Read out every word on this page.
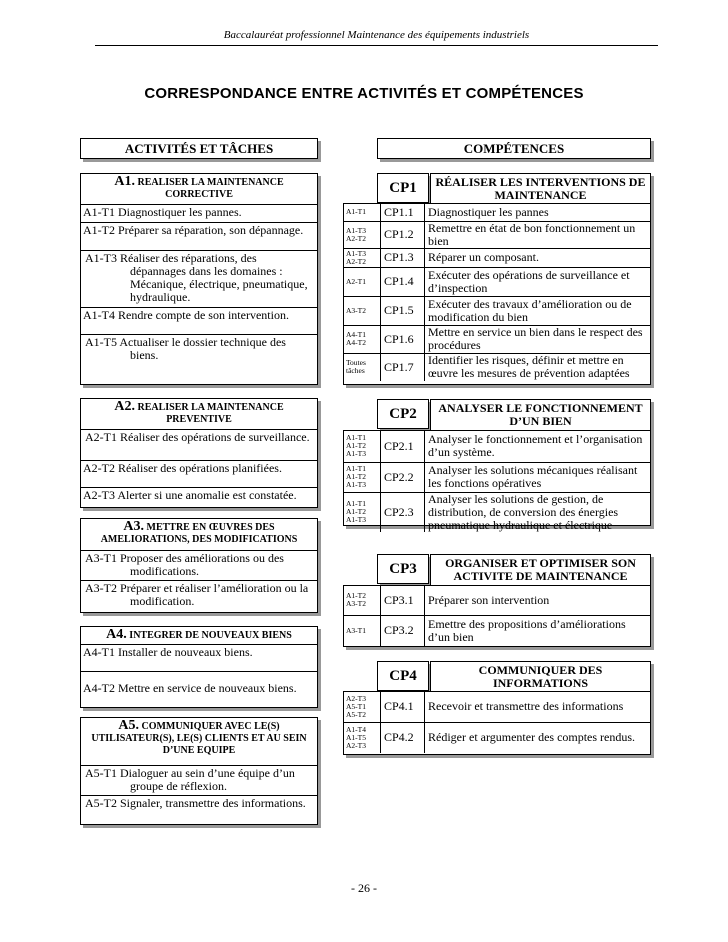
Baccalauréat professionnel Maintenance des équipements industriels
CORRESPONDANCE ENTRE ACTIVITÉS ET COMPÉTENCES
ACTIVITÉS ET TÂCHES
A1. REALISER LA MAINTENANCE CORRECTIVE
A1-T1 Diagnostiquer les pannes.
A1-T2 Préparer sa réparation, son dépannage.
A1-T3 Réaliser des réparations, des dépannages dans les domaines : Mécanique, électrique, pneumatique, hydraulique.
A1-T4 Rendre compte de son intervention.
A1-T5 Actualiser le dossier technique des biens.
A2. REALISER LA MAINTENANCE PREVENTIVE
A2-T1 Réaliser des opérations de surveillance.
A2-T2 Réaliser des opérations planifiées.
A2-T3 Alerter si une anomalie est constatée.
A3. METTRE EN ŒUVRES DES AMELIORATIONS, DES MODIFICATIONS
A3-T1 Proposer des améliorations ou des modifications.
A3-T2 Préparer et réaliser l’amélioration ou la modification.
A4. INTEGRER DE NOUVEAUX BIENS
A4-T1 Installer de nouveaux biens.
A4-T2 Mettre en service de nouveaux biens.
A5. COMMUNIQUER AVEC LE(S) UTILISATEUR(S), LE(S) CLIENTS ET AU SEIN D’UNE EQUIPE
A5-T1 Dialoguer au sein d’une équipe d’un groupe de réflexion.
A5-T2 Signaler, transmettre des informations.
COMPÉTENCES
CP1	RÉALISER LES INTERVENTIONS DE MAINTENANCE
A1-T1	CP1.1	Diagnostiquer les pannes
A1-T3 A2-T2	CP1.2	Remettre en état de bon fonctionnement un bien
A1-T3 A2-T2	CP1.3	Réparer un composant.
A2-T1	CP1.4	Exécuter des opérations de surveillance et d’inspection
A3-T2	CP1.5	Exécuter des travaux d’amélioration ou de modification du bien
A4-T1 A4-T2	CP1.6	Mettre en service un bien dans le respect des procédures
Toutes tâches	CP1.7	Identifier les risques, définir et mettre en œuvre les mesures de prévention adaptées
CP2	ANALYSER LE FONCTIONNEMENT D’UN BIEN
A1-T1 A1-T2 A1-T3	CP2.1	Analyser le fonctionnement et l’organisation d’un système.
A1-T1 A1-T2 A1-T3	CP2.2	Analyser les solutions mécaniques réalisant les fonctions opératives
A1-T1 A1-T2 A1-T3	CP2.3	Analyser les solutions de gestion, de distribution, de conversion des énergies pneumatique hydraulique et électrique
CP3	ORGANISER ET OPTIMISER SON ACTIVITE DE MAINTENANCE
A1-T2 A3-T2	CP3.1	Préparer son intervention
A3-T1	CP3.2	Emettre des propositions d’améliorations d’un bien
CP4	COMMUNIQUER DES INFORMATIONS
A2-T3 A5-T1 A5-T2	CP4.1	Recevoir et transmettre des informations
A1-T4 A1-T5 A2-T3	CP4.2	Rédiger et argumenter des comptes rendus.
- 26 -
